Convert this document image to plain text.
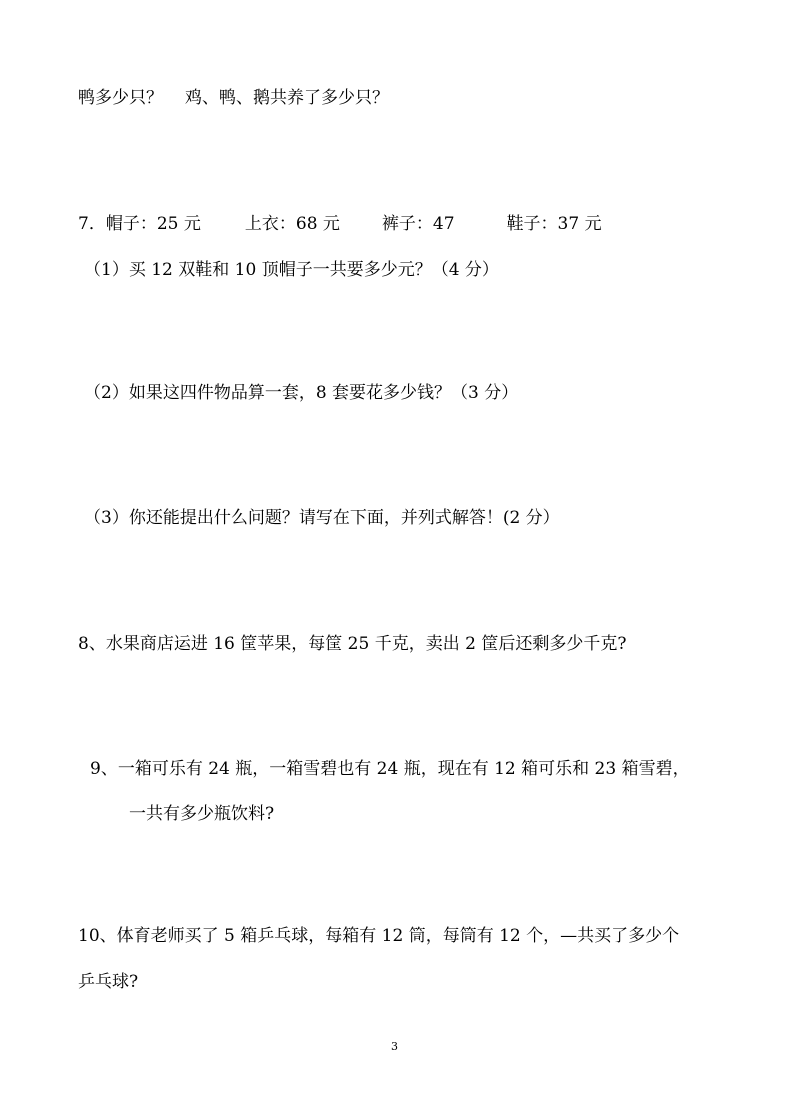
鸭多少只？ 鸡、鸭、鹅共养了多少只？

7．帽子：25 元	上衣：68 元 裤子：47	鞋子：37 元

（1）买 12 双鞋和 10 顶帽子一共要多少元？（4 分）

（2）如果这四件物品算一套，8 套要花多少钱？（3 分）

（3）你还能提出什么问题？请写在下面，并列式解答！(2 分）

8、水果商店运进 16 筐苹果，每筐 25 千克，卖出 2 筐后还剩多少千克?

9、一箱可乐有 24 瓶，一箱雪碧也有 24 瓶，现在有 12 箱可乐和 23 箱雪碧，

一共有多少瓶饮料?

10、体育老师买了 5 箱乒乓球，每箱有 12 筒，每筒有 12 个，—共买了多少个

乒乓球?

3
